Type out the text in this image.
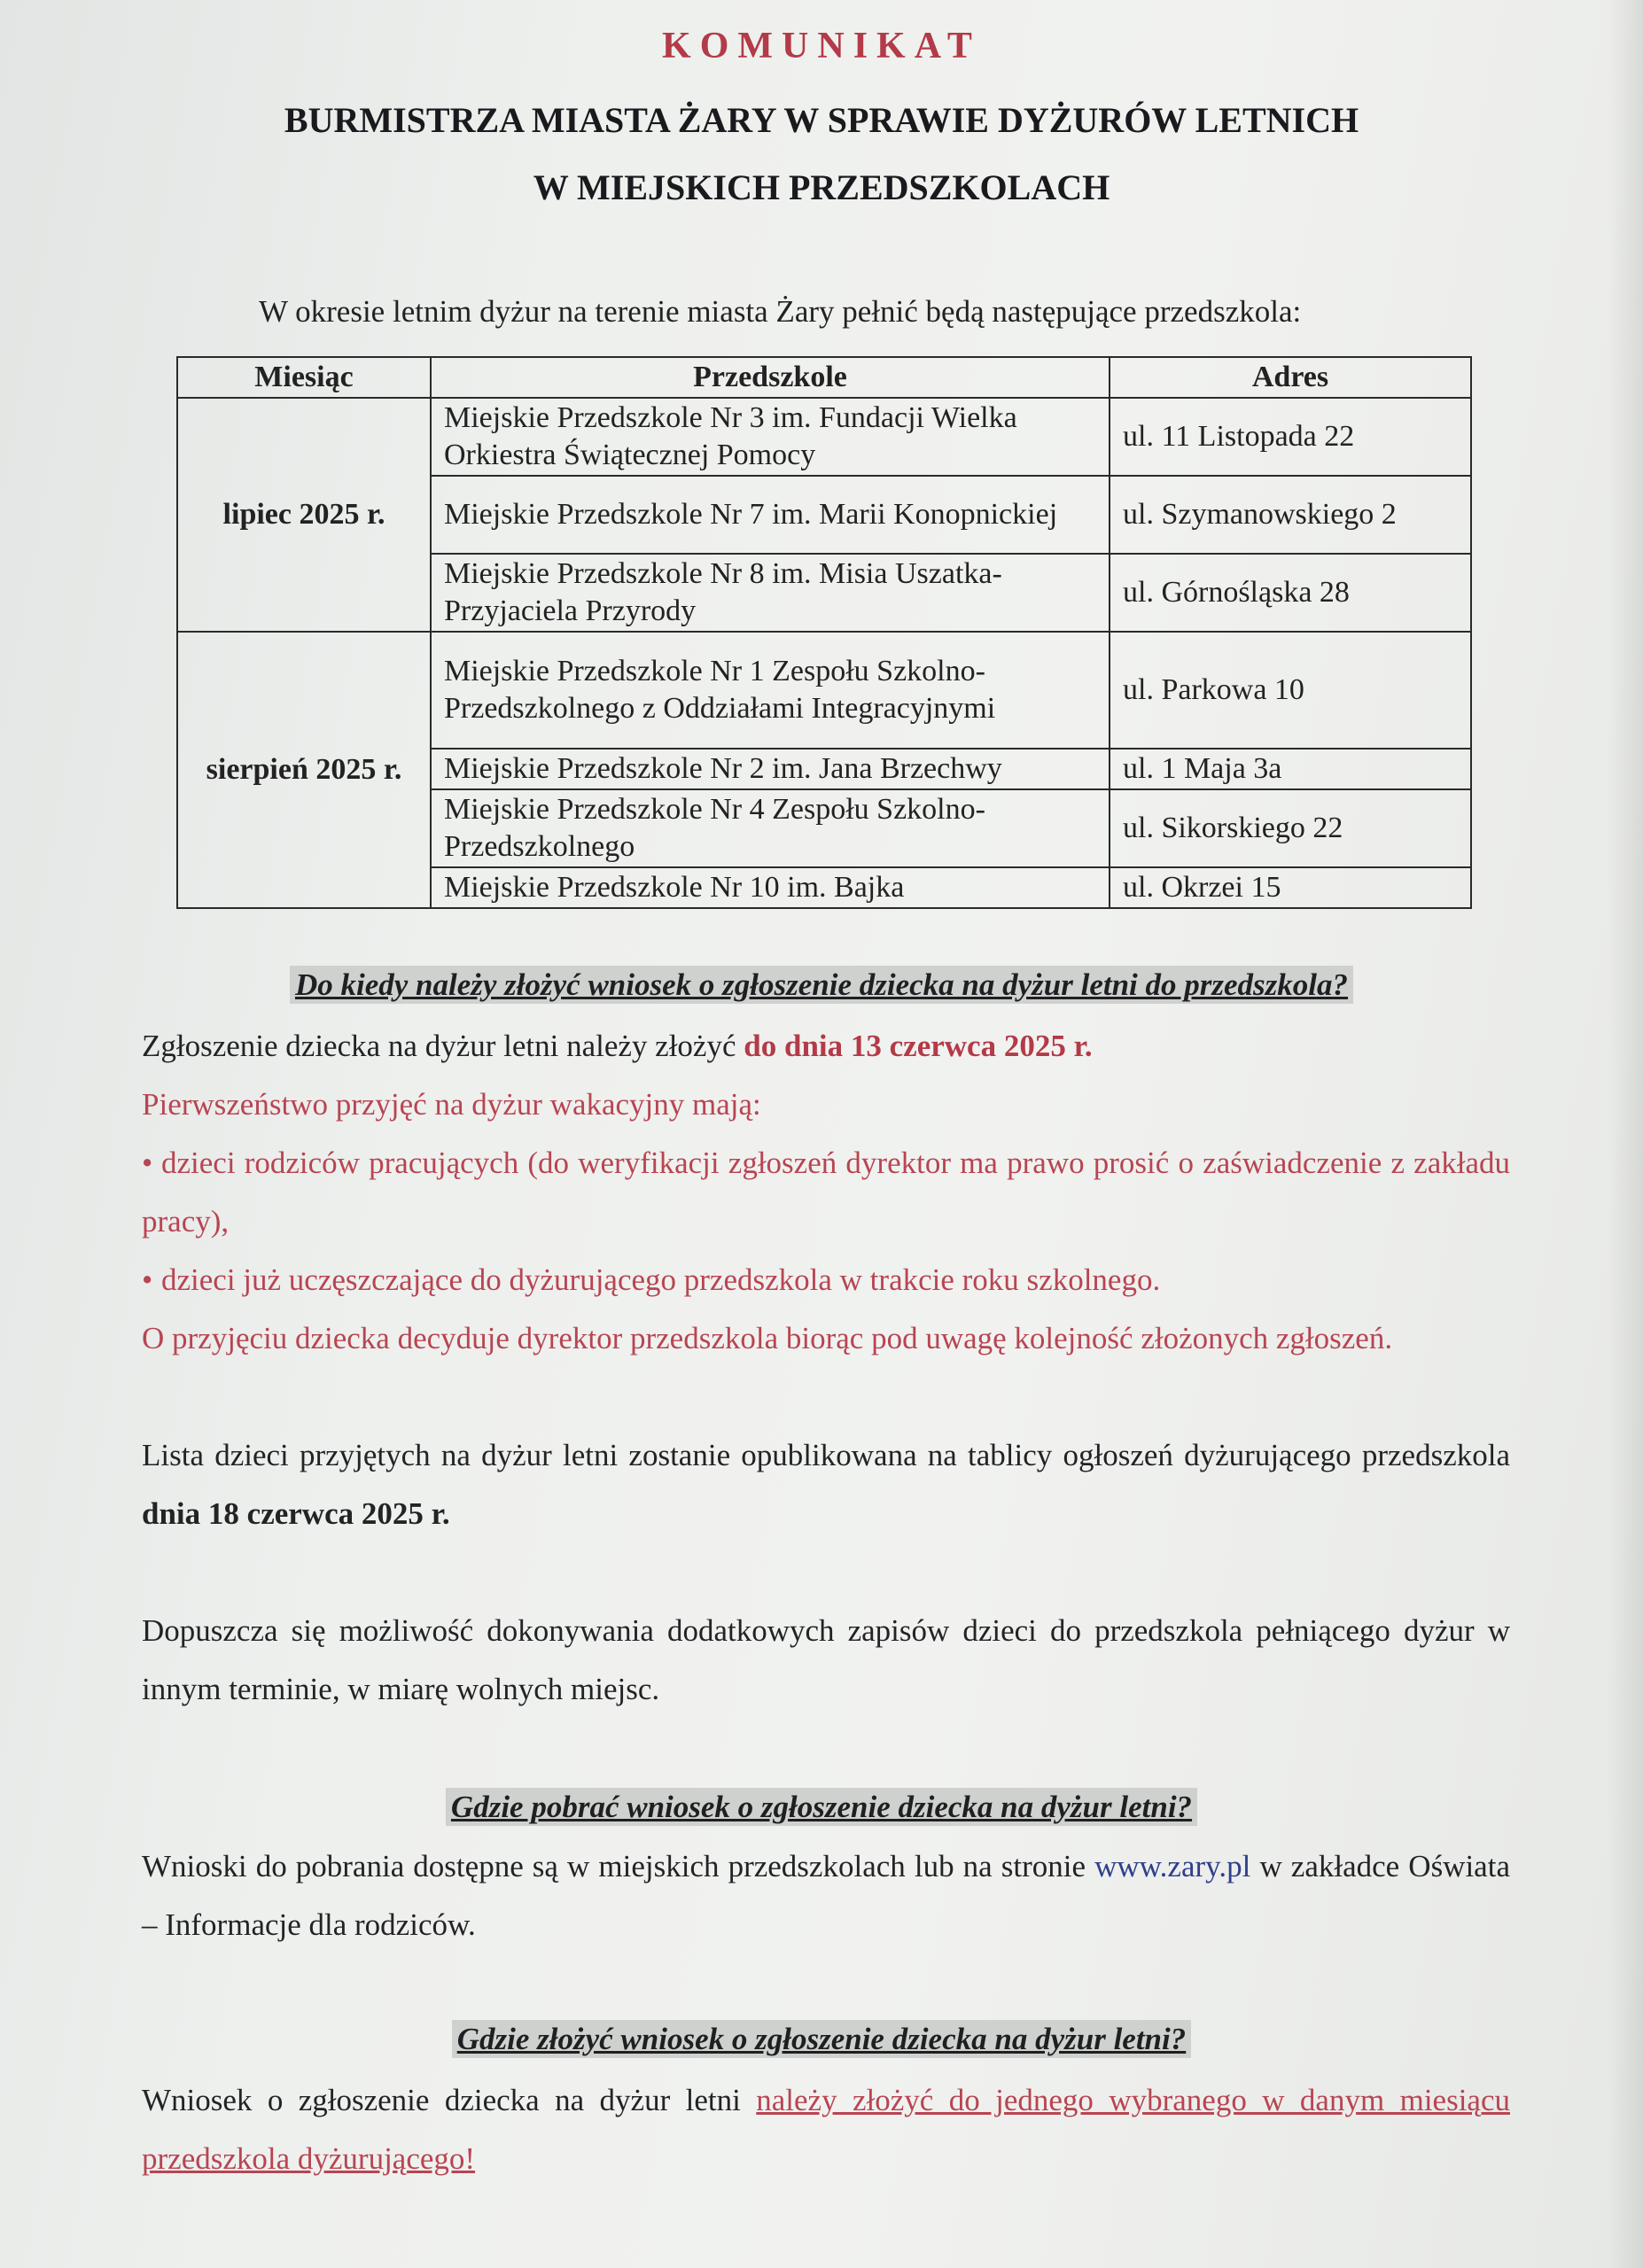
KOMUNIKAT
BURMISTRZA MIASTA ŻARY W SPRAWIE DYŻURÓW LETNICH
W MIEJSKICH PRZEDSZKOLACH
W okresie letnim dyżur na terenie miasta Żary pełnić będą następujące przedszkola:
Miesiąc	Przedszkole	Adres
lipiec 2025 r.	Miejskie Przedszkole Nr 3 im. Fundacji Wielka Orkiestra Świątecznej Pomocy	ul. 11 Listopada 22
	Miejskie Przedszkole Nr 7 im. Marii Konopnickiej	ul. Szymanowskiego 2
	Miejskie Przedszkole Nr 8 im. Misia Uszatka-Przyjaciela Przyrody	ul. Górnośląska 28
sierpień 2025 r.	Miejskie Przedszkole Nr 1 Zespołu Szkolno-Przedszkolnego z Oddziałami Integracyjnymi	ul. Parkowa 10
	Miejskie Przedszkole Nr 2 im. Jana Brzechwy	ul. 1 Maja 3a
	Miejskie Przedszkole Nr 4 Zespołu Szkolno-Przedszkolnego	ul. Sikorskiego 22
	Miejskie Przedszkole Nr 10 im. Bajka	ul. Okrzei 15
Do kiedy należy złożyć wniosek o zgłoszenie dziecka na dyżur letni do przedszkola?
Zgłoszenie dziecka na dyżur letni należy złożyć do dnia 13 czerwca 2025 r.
Pierwszeństwo przyjęć na dyżur wakacyjny mają:
• dzieci rodziców pracujących (do weryfikacji zgłoszeń dyrektor ma prawo prosić o zaświadczenie z zakładu pracy),
• dzieci już uczęszczające do dyżurującego przedszkola w trakcie roku szkolnego.
O przyjęciu dziecka decyduje dyrektor przedszkola biorąc pod uwagę kolejność złożonych zgłoszeń.
Lista dzieci przyjętych na dyżur letni zostanie opublikowana na tablicy ogłoszeń dyżurującego przedszkola dnia 18 czerwca 2025 r.
Dopuszcza się możliwość dokonywania dodatkowych zapisów dzieci do przedszkola pełniącego dyżur w innym terminie, w miarę wolnych miejsc.
Gdzie pobrać wniosek o zgłoszenie dziecka na dyżur letni?
Wnioski do pobrania dostępne są w miejskich przedszkolach lub na stronie www.zary.pl w zakładce Oświata – Informacje dla rodziców.
Gdzie złożyć wniosek o zgłoszenie dziecka na dyżur letni?
Wniosek o zgłoszenie dziecka na dyżur letni należy złożyć do jednego wybranego w danym miesiącu przedszkola dyżurującego!
